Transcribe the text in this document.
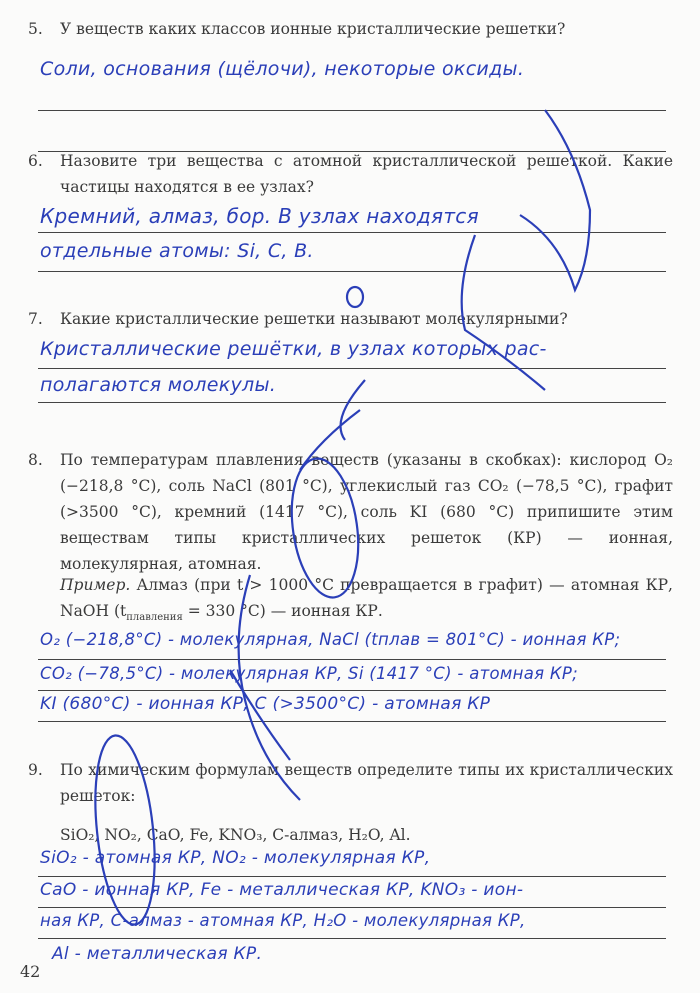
5. У веществ каких классов ионные кристаллические решетки?
Соли, основания (щёлочи), некоторые оксиды.
6. Назовите три вещества с атомной кристаллической решеткой. Какие частицы находятся в ее узлах?
Кремний, алмаз, бор. В узлах находятся
отдельные атомы: Si, C, B.
7. Какие кристаллические решетки называют молекулярными?
Кристаллические решётки, в узлах которых рас-
полагаются молекулы.
8. По температурам плавления веществ (указаны в скобках): кислород O₂ (−218,8 °C), соль NaCl (801 °C), углекислый газ CO₂ (−78,5 °C), графит (>3500 °C), кремний (1417 °C), соль KI (680 °C) припишите этим веществам типы кристаллических решеток (КР) — ионная, молекулярная, атомная.
Пример. Алмаз (при t > 1000 °C превращается в графит) — атомная КР, NaOH ($t_{плавления} = 330$ °C) — ионная КР.
O₂ (−218,8°C) - молекулярная, NaCl (tплав = 801°C) - ионная КР;
CO₂ (−78,5°C) - молекулярная КР, Si (1417 °C) - атомная КР;
KI (680°C) - ионная КР, C (>3500°C) - атомная КР
9. По химическим формулам веществ определите типы их кристаллических решеток:
SiO₂, NO₂, CaO, Fe, KNO₃, C-алмаз, H₂O, Al.
SiO₂ - атомная КР, NO₂ - молекулярная КР,
CaO - ионная КР, Fe - металлическая КР, KNO₃ - ион-
ная КР, C-алмаз - атомная КР, H₂O - молекулярная КР,
Al - металлическая КР.
42
